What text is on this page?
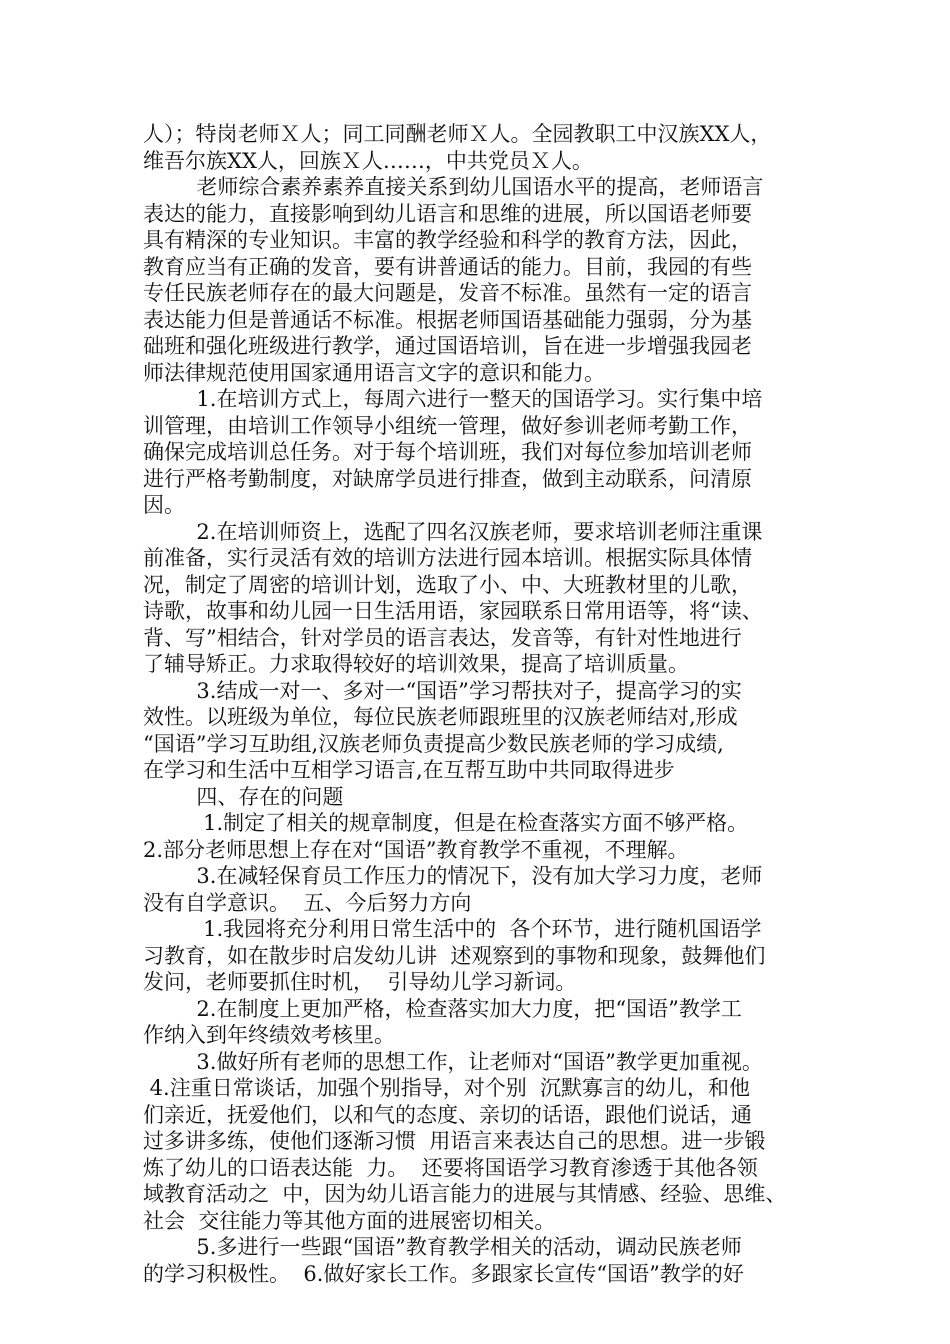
人）；特岗老师Ｘ人；同工同酬老师Ｘ人。全园教职工中汉族XX人，
维吾尔族XX人，回族Ｘ人……，中共党员Ｘ人。
老师综合素养素养直接关系到幼儿国语水平的提高，老师语言
表达的能力，直接影响到幼儿语言和思维的进展，所以国语老师要
具有精深的专业知识。丰富的教学经验和科学的教育方法，因此，
教育应当有正确的发音，要有讲普通话的能力。目前，我园的有些
专任民族老师存在的最大问题是，发音不标准。虽然有一定的语言
表达能力但是普通话不标准。根据老师国语基础能力强弱，分为基
础班和强化班级进行教学，通过国语培训，旨在进一步增强我园老
师法律规范使用国家通用语言文字的意识和能力。
1.在培训方式上，每周六进行一整天的国语学习。实行集中培
训管理，由培训工作领导小组统一管理，做好参训老师考勤工作，
确保完成培训总任务。对于每个培训班，我们对每位参加培训老师
进行严格考勤制度，对缺席学员进行排查，做到主动联系，问清原
因。
2.在培训师资上，选配了四名汉族老师，要求培训老师注重课
前准备，实行灵活有效的培训方法进行园本培训。根据实际具体情
况，制定了周密的培训计划，选取了小、中、大班教材里的儿歌，
诗歌，故事和幼儿园一日生活用语，家园联系日常用语等，将“读、
背、写”相结合，针对学员的语言表达，发音等，有针对性地进行
了辅导矫正。力求取得较好的培训效果，提高了培训质量。
3.结成一对一、多对一“国语”学习帮扶对子，提高学习的实
效性。以班级为单位，每位民族老师跟班里的汉族老师结对,形成
“国语”学习互助组,汉族老师负责提高少数民族老师的学习成绩,
在学习和生活中互相学习语言,在互帮互助中共同取得进步
四、存在的问题
1.制定了相关的规章制度，但是在检查落实方面不够严格。
2.部分老师思想上存在对“国语”教育教学不重视，不理解。
3.在减轻保育员工作压力的情况下，没有加大学习力度，老师
没有自学意识。  五、今后努力方向
1.我园将充分利用日常生活中的  各个环节，进行随机国语学
习教育，如在散步时启发幼儿讲  述观察到的事物和现象，鼓舞他们
发问，老师要抓住时机，  引导幼儿学习新词。
2.在制度上更加严格，检查落实加大力度，把“国语”教学工
作纳入到年终绩效考核里。
3.做好所有老师的思想工作，让老师对“国语”教学更加重视。
4.注重日常谈话，加强个别指导，对个别  沉默寡言的幼儿，和他
们亲近，抚爱他们，以和气的态度、亲切的话语，跟他们说话，通
过多讲多练，使他们逐渐习惯  用语言来表达自己的思想。进一步锻
炼了幼儿的口语表达能  力。  还要将国语学习教育渗透于其他各领
域教育活动之  中，因为幼儿语言能力的进展与其情感、经验、思维、
社会  交往能力等其他方面的进展密切相关。
5.多进行一些跟“国语”教育教学相关的活动，调动民族老师
的学习积极性。  6.做好家长工作。多跟家长宣传“国语”教学的好
